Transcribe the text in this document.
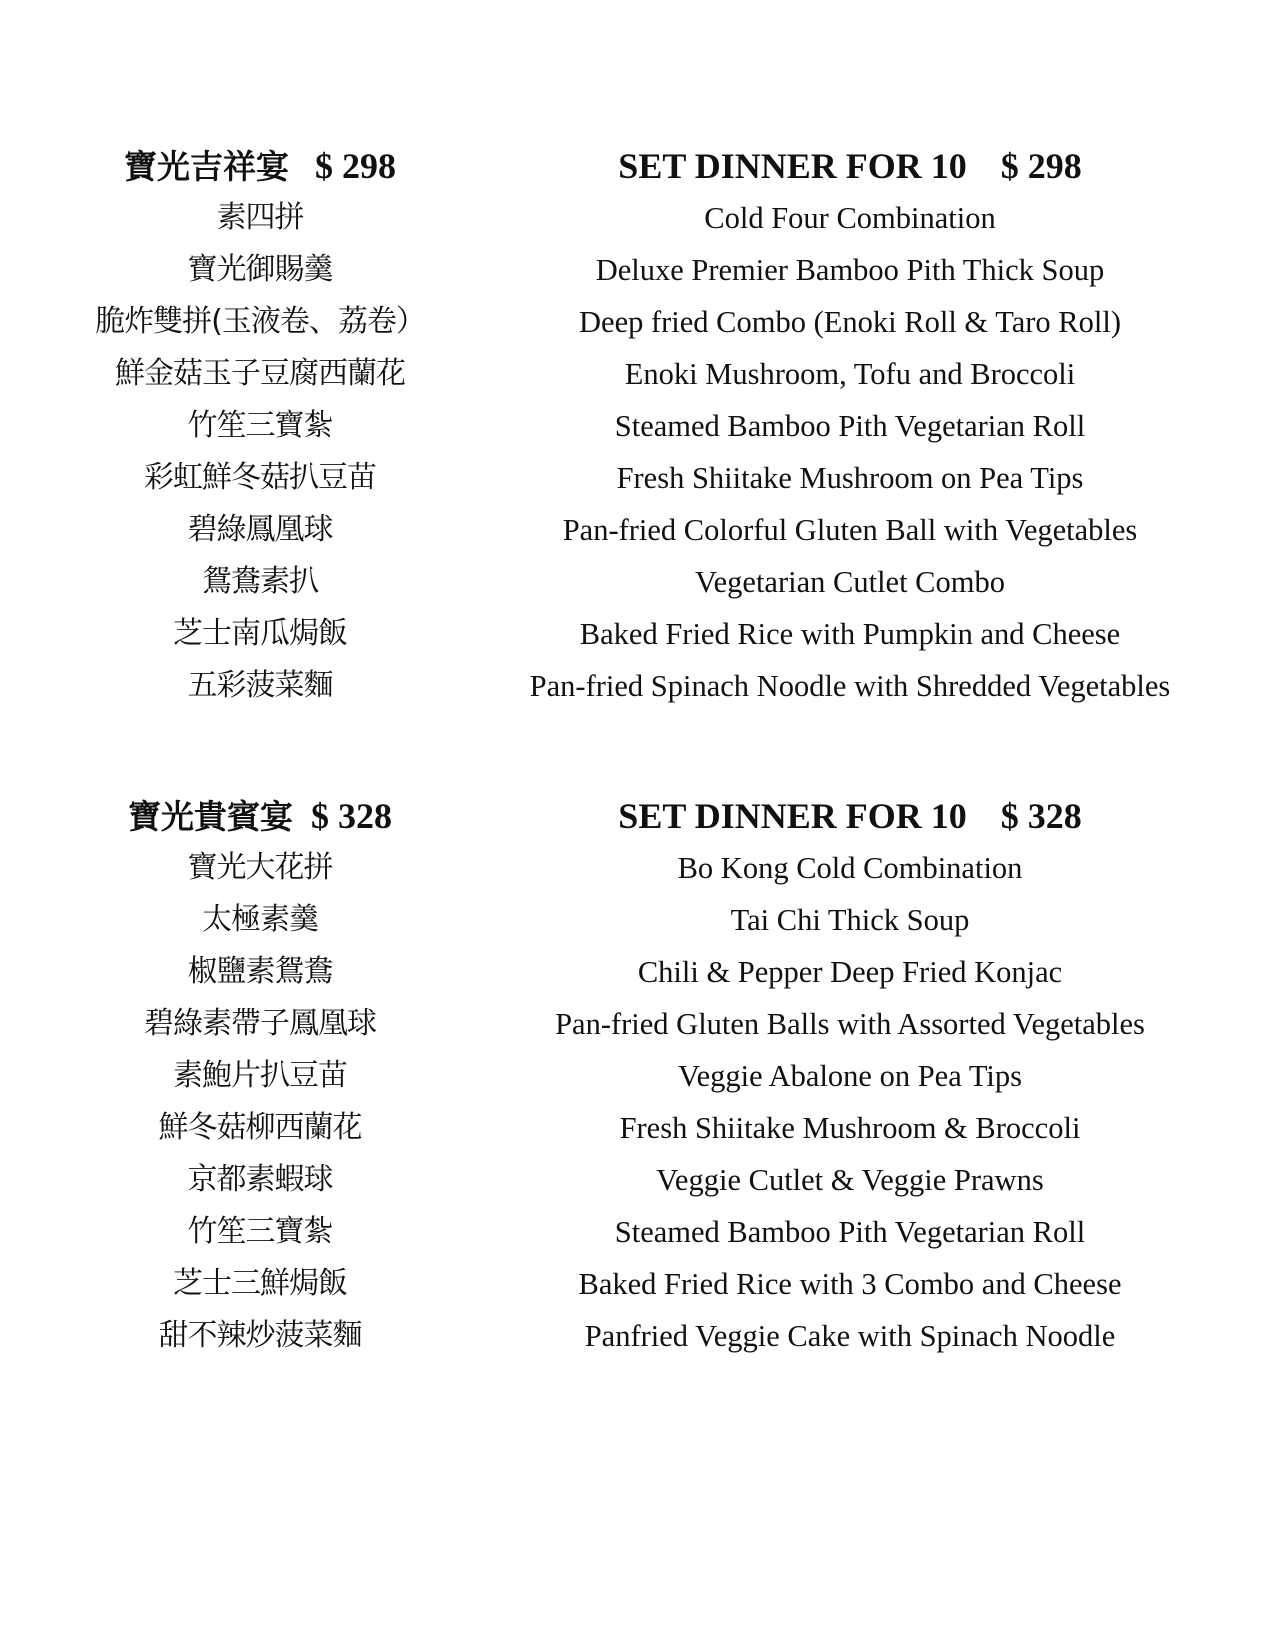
寶光吉祥宴 $ 298
素四拼
寶光御賜羹
脆炸雙拼(玉液卷、荔卷）
鮮金菇玉子豆腐西蘭花
竹笙三寶紮
彩虹鮮冬菇扒豆苗
碧綠鳳凰球
鴛鴦素扒
芝士南瓜焗飯
五彩菠菜麵
SET DINNER FOR 10 $ 298
Cold Four Combination
Deluxe Premier Bamboo Pith Thick Soup
Deep fried Combo (Enoki Roll & Taro Roll)
Enoki Mushroom, Tofu and Broccoli
Steamed Bamboo Pith Vegetarian Roll
Fresh Shiitake Mushroom on Pea Tips
Pan-fried Colorful Gluten Ball with Vegetables
Vegetarian Cutlet Combo
Baked Fried Rice with Pumpkin and Cheese
Pan-fried Spinach Noodle with Shredded Vegetables
寶光貴賓宴 $ 328
寶光大花拼
太極素羹
椒鹽素鴛鴦
碧綠素帶子鳳凰球
素鮑片扒豆苗
鮮冬菇柳西蘭花
京都素蝦球
竹笙三寶紮
芝士三鮮焗飯
甜不辣炒菠菜麵
SET DINNER FOR 10 $ 328
Bo Kong Cold Combination
Tai Chi Thick Soup
Chili & Pepper Deep Fried Konjac
Pan-fried Gluten Balls with Assorted Vegetables
Veggie Abalone on Pea Tips
Fresh Shiitake Mushroom & Broccoli
Veggie Cutlet & Veggie Prawns
Steamed Bamboo Pith Vegetarian Roll
Baked Fried Rice with 3 Combo and Cheese
Panfried Veggie Cake with Spinach Noodle
